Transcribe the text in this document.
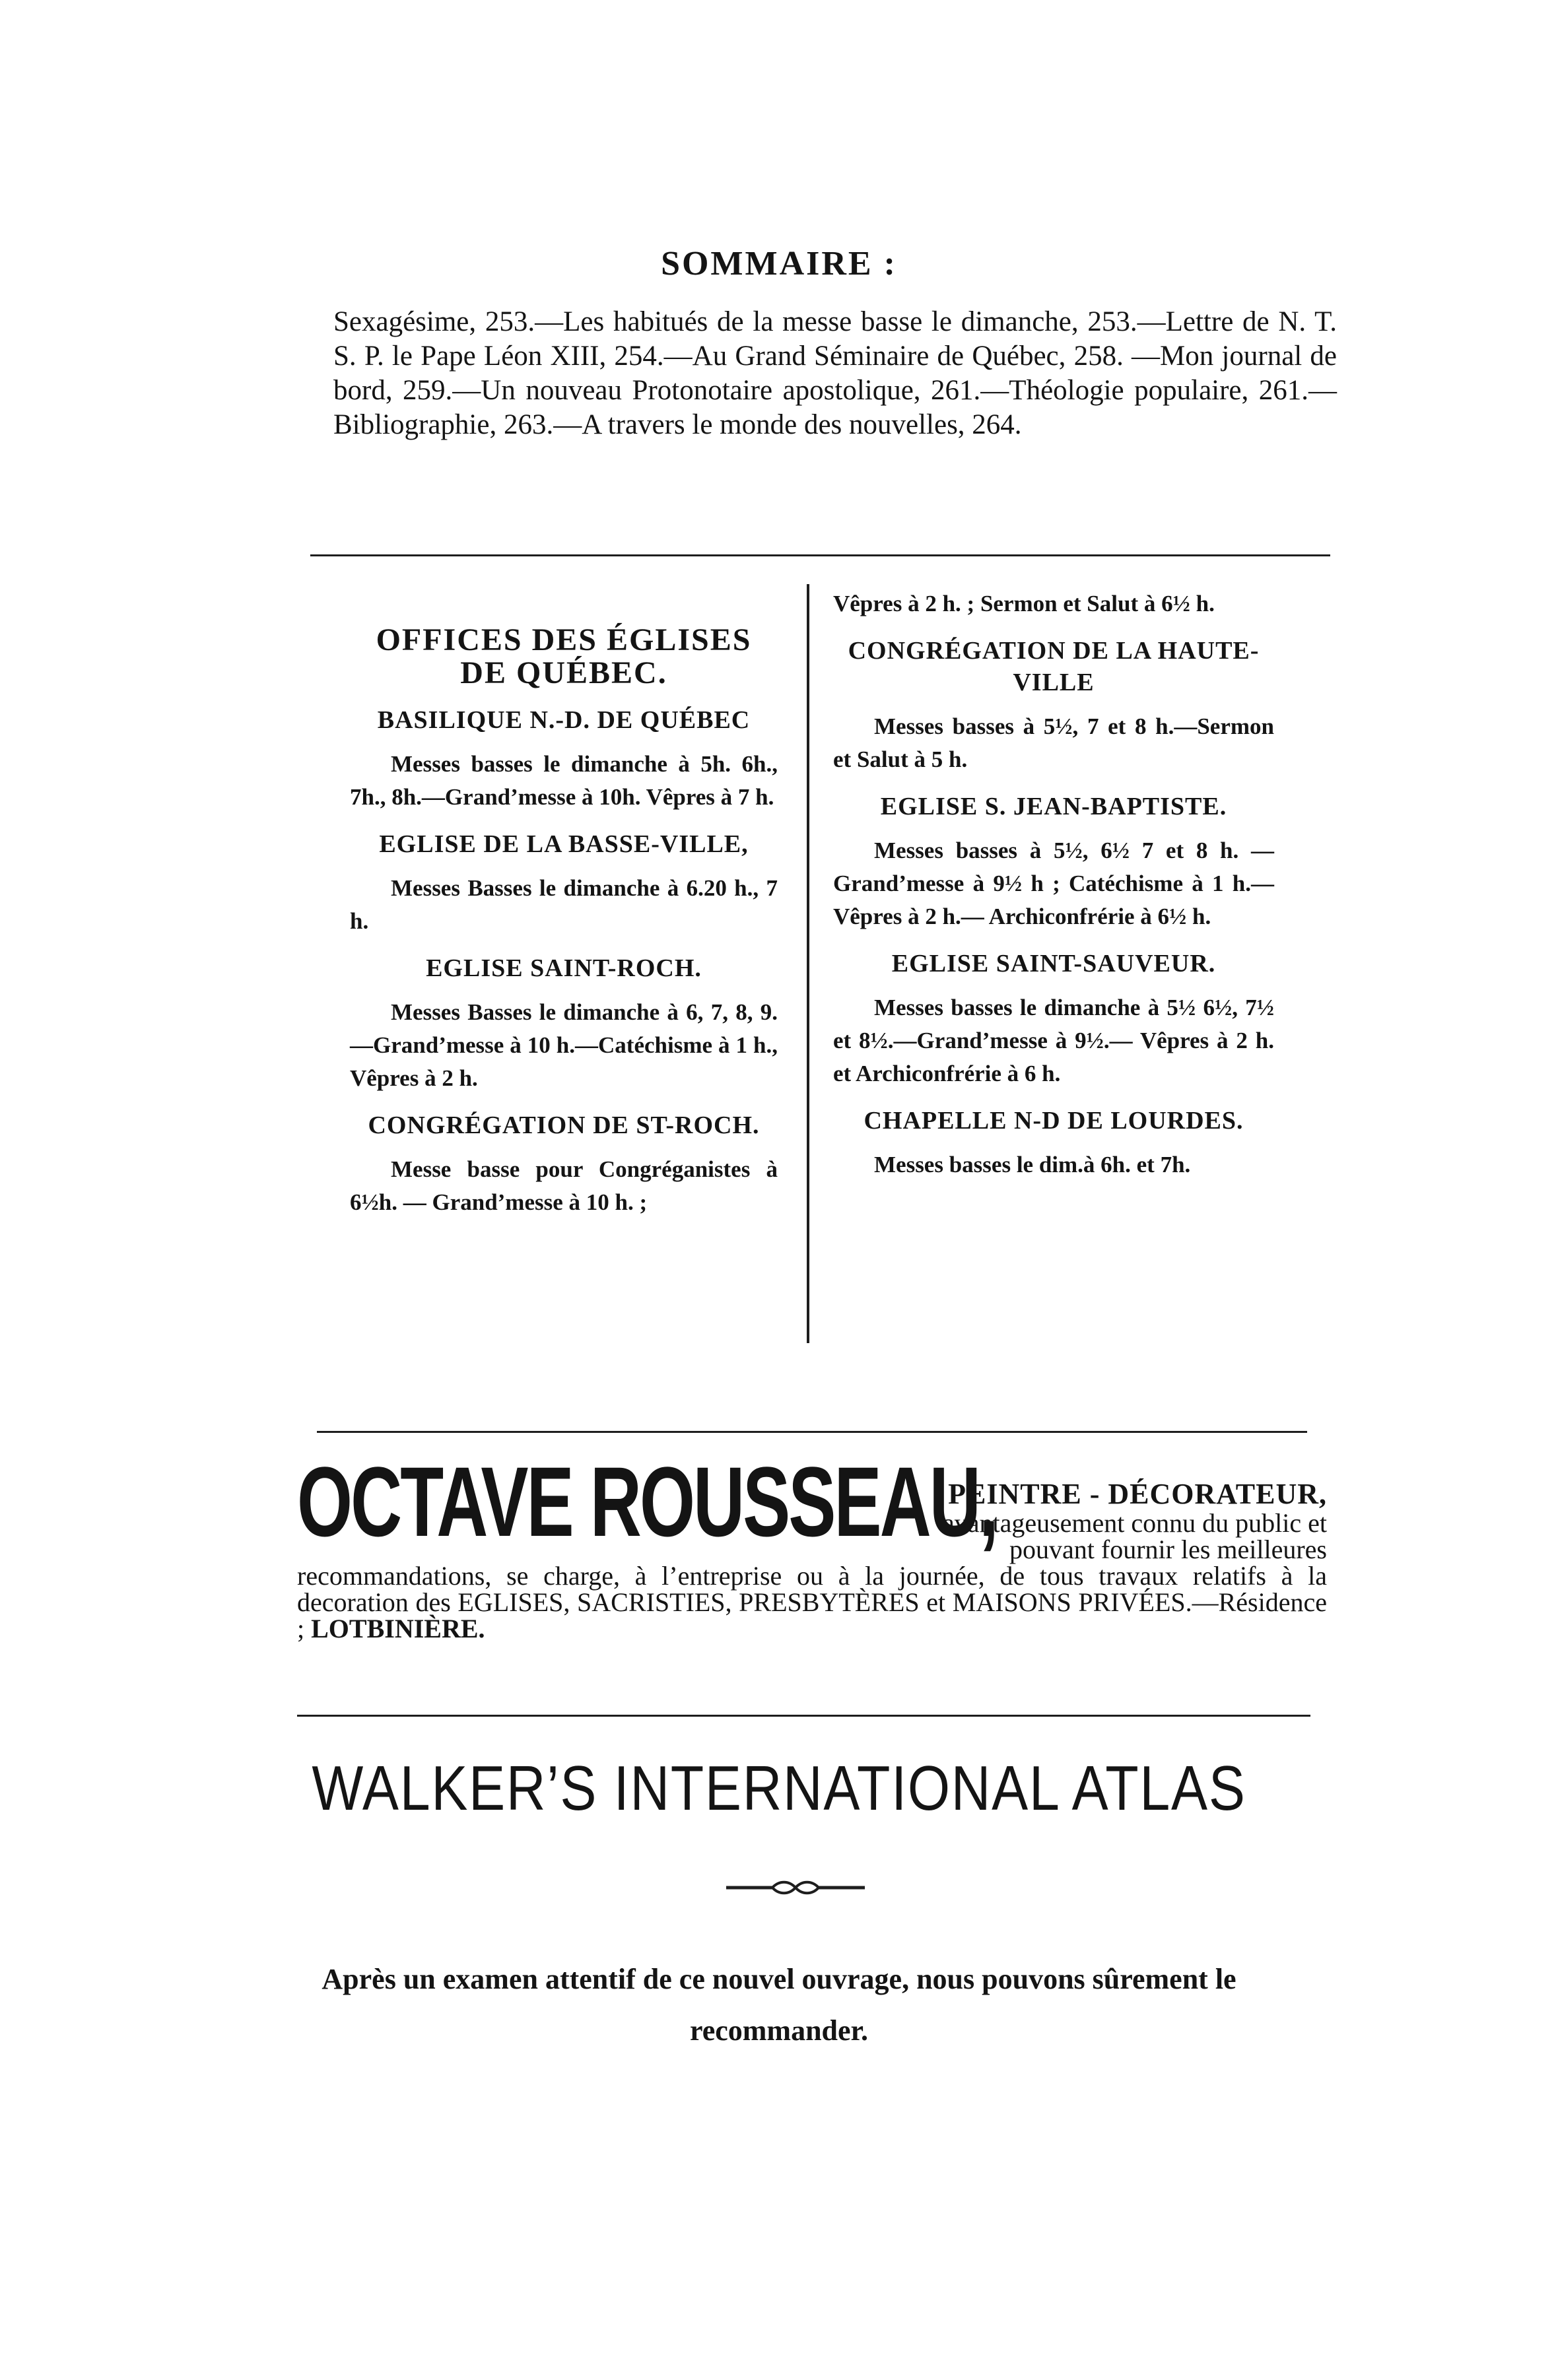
SOMMAIRE :
Sexagésime, 253.—Les habitués de la messe basse le dimanche, 253.—Lettre de N. T. S. P. le Pape Léon XIII, 254.—Au Grand Séminaire de Québec, 258. —Mon journal de bord, 259.—Un nouveau Protonotaire apostolique, 261.—Théologie populaire, 261.—Bibliographie, 263.—A travers le monde des nouvelles, 264.
OFFICES DES ÉGLISES
DE QUÉBEC.
BASILIQUE N.-D. DE QUÉBEC

Messes basses le dimanche à 5h. 6h., 7h., 8h.—Grand’messe à 10h. Vêpres à 7 h.

EGLISE DE LA BASSE-VILLE,

Messes Basses le dimanche à 6.20 h., 7 h.

EGLISE SAINT-ROCH.

Messes Basses le dimanche à 6, 7, 8, 9.—Grand’messe à 10 h.—Catéchisme à 1 h., Vêpres à 2 h.

CONGRÉGATION DE ST-ROCH.

Messe basse pour Congréganistes à 6½h. — Grand’messe à 10 h. ;

Vêpres à 2 h. ; Sermon et Salut à 6½ h.

CONGRÉGATION DE LA HAUTE-VILLE

Messes basses à 5½, 7 et 8 h.—Sermon et Salut à 5 h.

EGLISE S. JEAN-BAPTISTE.

Messes basses à 5½, 6½ 7 et 8 h. —Grand’messe à 9½ h ; Catéchisme à 1 h.—Vêpres à 2 h.— Archiconfrérie à 6½ h.

EGLISE SAINT-SAUVEUR.

Messes basses le dimanche à 5½ 6½, 7½ et 8½.—Grand’messe à 9½.— Vêpres à 2 h. et Archiconfrérie à 6 h.

CHAPELLE N-D DE LOURDES.

Messes basses le dim.à 6h. et 7h.

OCTAVE ROUSSEAU,
PEINTRE - DÉCORATEUR,
avantageusement connu du public et pouvant fournir les meilleures
recommandations, se charge, à l’entreprise ou à la journée, de tous travaux relatifs à la decoration des EGLISES, SACRISTIES, PRESBYTÈRES et MAISONS PRIVÉES.—Résidence ; LOTBINIÈRE.
WALKER’S INTERNATIONAL ATLAS
Après un examen attentif de ce nouvel ouvrage, nous pouvons sûrement le recommander.
